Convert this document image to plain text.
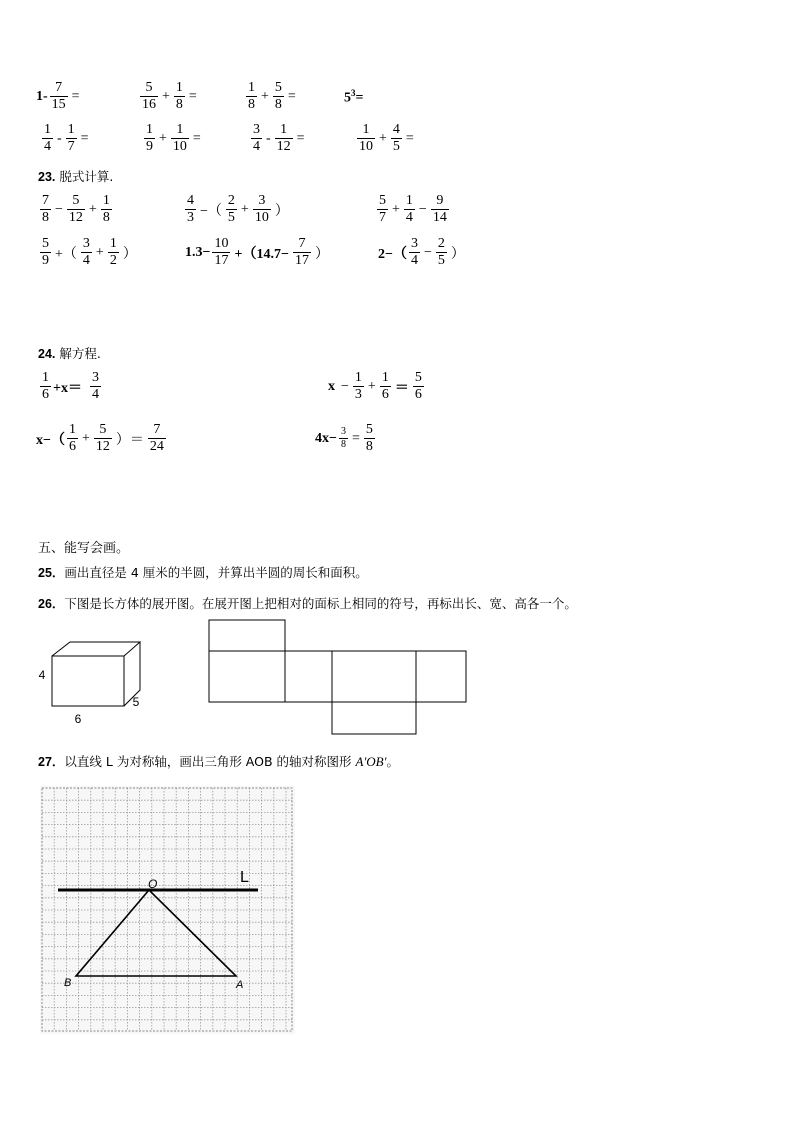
$1- \frac{7}{15}$ =	$\frac{5}{16} + \frac{1}{8}$ =	$\frac{1}{8} + \frac{5}{8}$ =	$5^3=$
$\frac{1}{4} - \frac{1}{7}$ =	$\frac{1}{9} + \frac{1}{10}$ =	$\frac{3}{4} - \frac{1}{12}$ =	$\frac{1}{10} + \frac{4}{5}$ =
23. 脱式计算.
$\frac{7}{8} - \frac{5}{12} + \frac{1}{8}$	$\frac{4}{3}$ −（ $\frac{2}{5} + \frac{3}{10}$ ）	$\frac{5}{7} + \frac{1}{4} - \frac{9}{14}$
$\frac{5}{9}$ +（ $\frac{3}{4} + \frac{1}{2}$ ）	$1.3- \frac{10}{17} +(14.7- \frac{7}{17}$ ）	$2-( \frac{3}{4} - \frac{2}{5}$ ）
24. 解方程.
$\frac{1}{6} +x= \frac{3}{4}$	$x - \frac{1}{3} + \frac{1}{6} = \frac{5}{6}$
$x-( \frac{1}{6} + \frac{5}{12}$ ）＝ $\frac{7}{24}$	$4x- \frac{3}{8} = \frac{5}{8}$
五、能写会画。
25．画出直径是 4 厘米的半圆，并算出半圆的周长和面积。
26．下图是长方体的展开图。在展开图上把相对的面标上相同的符号，再标出长、宽、高各一个。
4
5
6
27．以直线 L 为对称轴，画出三角形 AOB 的轴对称图形 A′OB′。
L
O
A
B
